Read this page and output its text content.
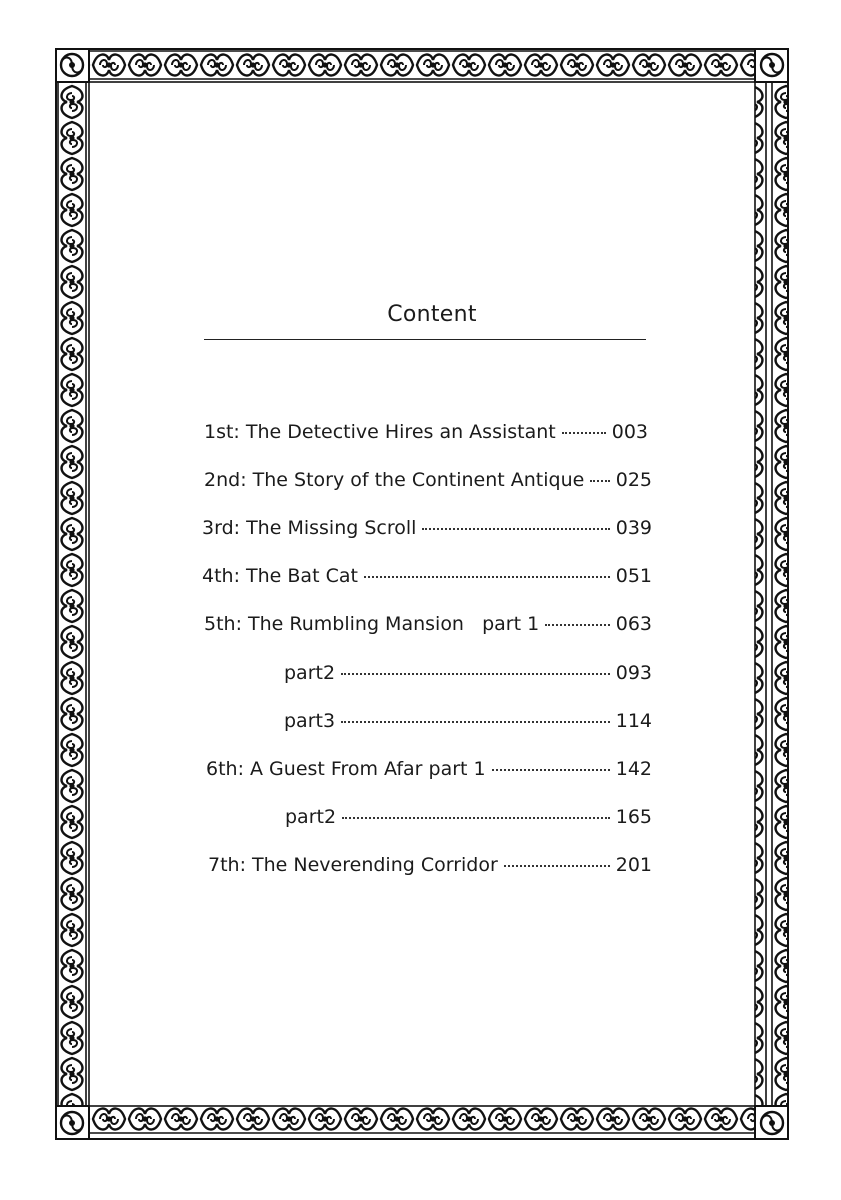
Content
1st: The Detective Hires an Assistant	003
2nd: The Story of the Continent Antique 025
3rd: The Missing Scroll	039
4th: The Bat Cat	051
5th: The Rumbling Mansion   part 1	063
part2	093
part3	114
6th: A Guest From Afar part 1	142
part2	165
7th: The Neverending Corridor	201
